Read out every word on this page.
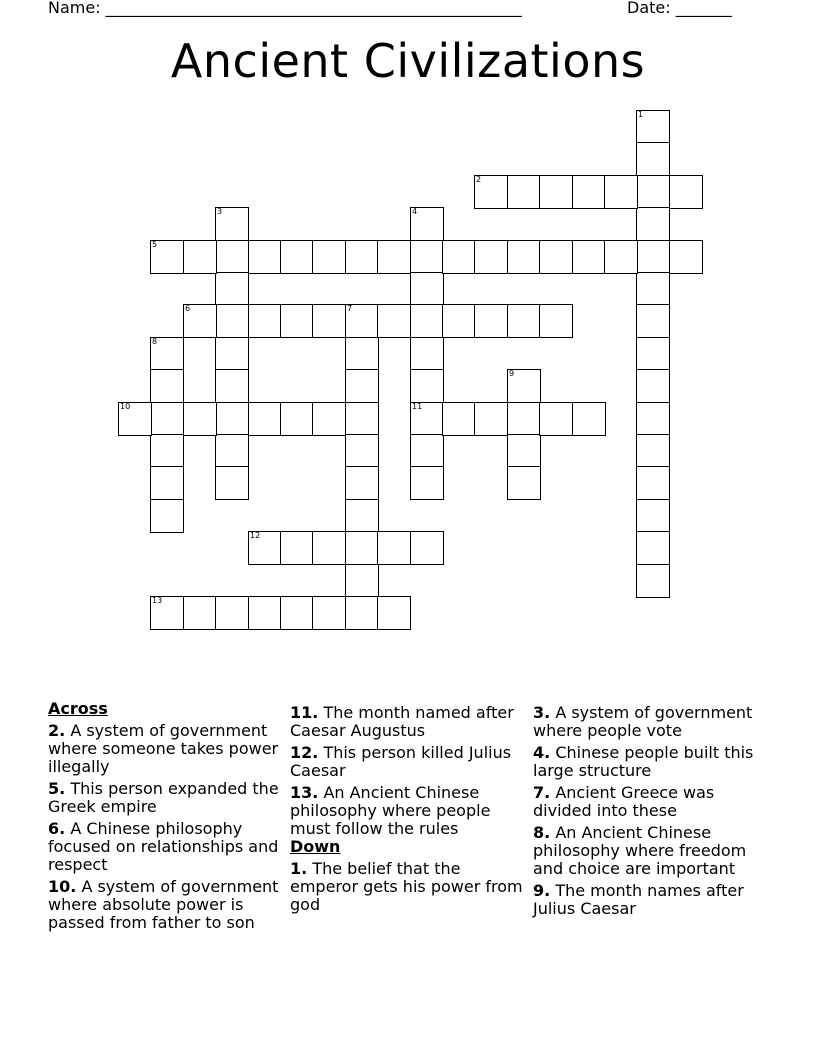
Name: ____________________________________________________	Date: _______
Ancient Civilizations
1
2
3	4
11
5
6	7
8
9
10
12
13
Across
2. A system of government where someone takes power illegally
5. This person expanded the Greek empire
6. A Chinese philosophy focused on relationships and respect
10. A system of government where absolute power is passed from father to son
11. The month named after Caesar Augustus
12. This person killed Julius Caesar
13. An Ancient Chinese philosophy where people must follow the rules
Down
1. The belief that the emperor gets his power from god
3. A system of government where people vote
4. Chinese people built this large structure
7. Ancient Greece was divided into these
8. An Ancient Chinese philosophy where freedom and choice are important
9. The month names after Julius Caesar
